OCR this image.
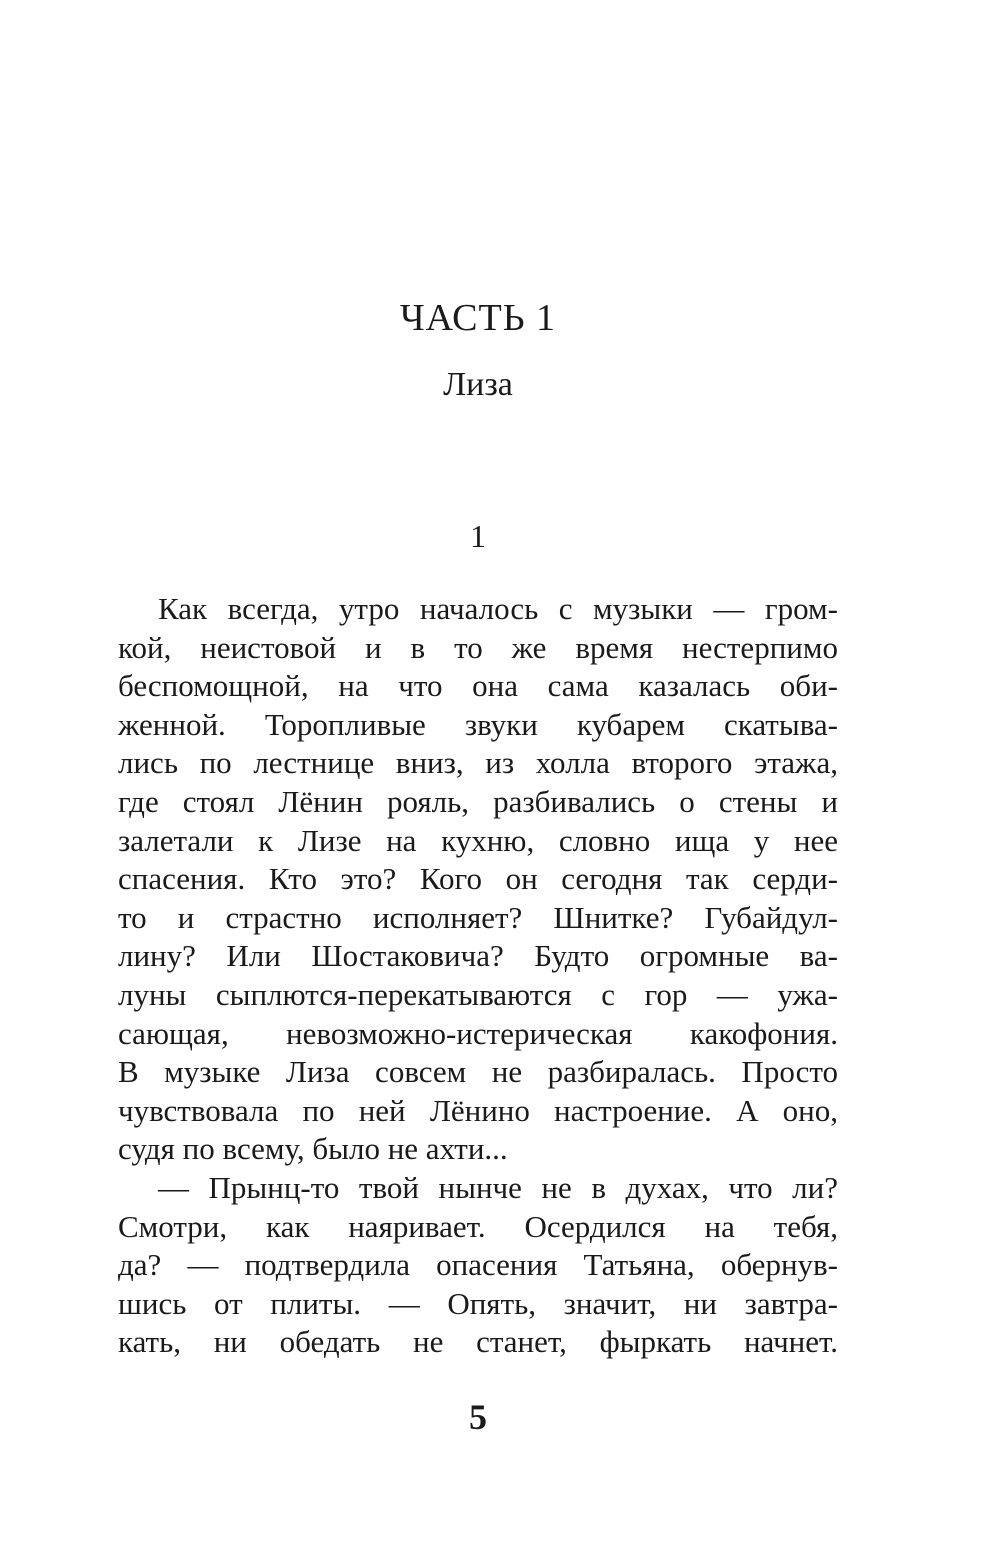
ЧАСТЬ 1
Лиза
1
Как всегда, утро началось с музыки — гром-
кой, неистовой и в то же время нестерпимо
беспомощной, на что она сама казалась оби-
женной. Торопливые звуки кубарем скатыва-
лись по лестнице вниз, из холла второго этажа,
где стоял Лёнин рояль, разбивались о стены и
залетали к Лизе на кухню, словно ища у нее
спасения. Кто это? Кого он сегодня так серди-
то и страстно исполняет? Шнитке? Губайдул-
лину? Или Шостаковича? Будто огромные ва-
луны сыплются-перекатываются с гор — ужа-
сающая, невозможно-истерическая какофония.
В музыке Лиза совсем не разбиралась. Просто
чувствовала по ней Лёнино настроение. А оно,
судя по всему, было не ахти...
— Прынц-то твой нынче не в духах, что ли?
Смотри, как наяривает. Осердился на тебя,
да? — подтвердила опасения Татьяна, обернув-
шись от плиты. — Опять, значит, ни завтра-
кать, ни обедать не станет, фыркать начнет.
5
